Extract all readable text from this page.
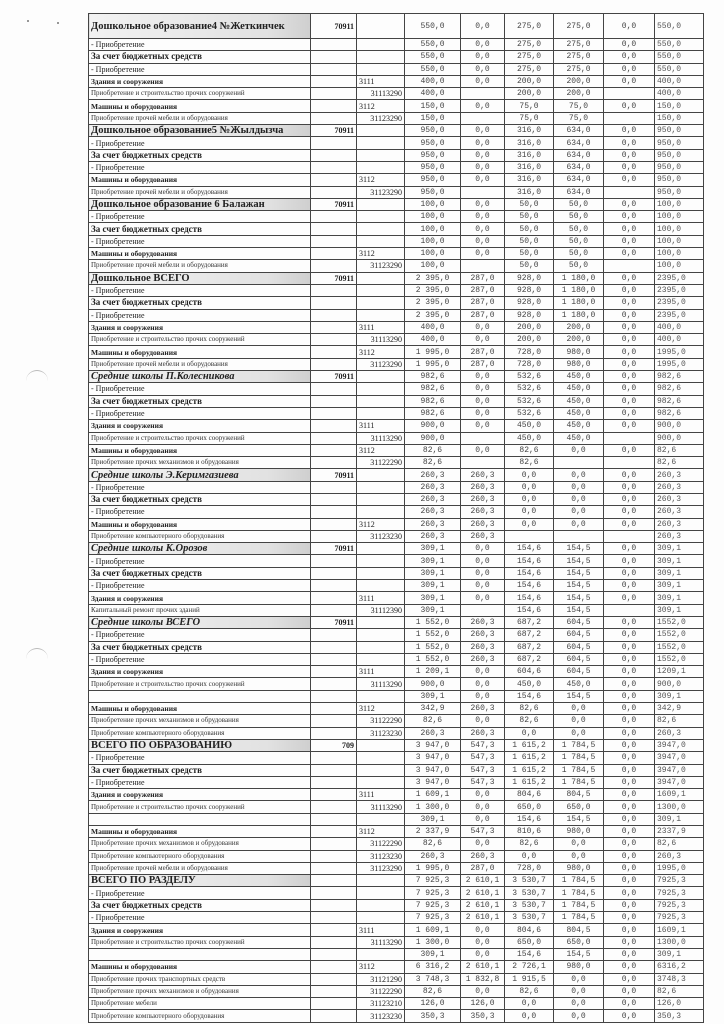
Дошкольное образование4 №Жеткинчек	70911		550,0	0,0	275,0	275,0	0,0	550,0
- Приобретение			550,0	0,0	275,0	275,0	0,0	550,0
За счет бюджетных средств			550,0	0,0	275,0	275,0	0,0	550,0
- Приобретение			550,0	0,0	275,0	275,0	0,0	550,0
Здания и сооружения		3111	400,0	0,0	200,0	200,0	0,0	400,0
Приобретение и строительство прочих сооружений		31113290	400,0		200,0	200,0		400,0
Машины и оборудования		3112	150,0	0,0	75,0	75,0	0,0	150,0
Приобретение прочей мебели и оборудования		31123290	150,0		75,0	75,0		150,0
Дошкольное образование5 №Жылдызча	70911		950,0	0,0	316,0	634,0	0,0	950,0
- Приобретение			950,0	0,0	316,0	634,0	0,0	950,0
За счет бюджетных средств			950,0	0,0	316,0	634,0	0,0	950,0
- Приобретение			950,0	0,0	316,0	634,0	0,0	950,0
Машины и оборудования		3112	950,0	0,0	316,0	634,0	0,0	950,0
Приобретение прочей мебели и оборудования		31123290	950,0		316,0	634,0		950,0
Дошкольное образование 6 Балажан	70911		100,0	0,0	50,0	50,0	0,0	100,0
- Приобретение			100,0	0,0	50,0	50,0	0,0	100,0
За счет бюджетных средств			100,0	0,0	50,0	50,0	0,0	100,0
- Приобретение			100,0	0,0	50,0	50,0	0,0	100,0
Машины и оборудования		3112	100,0	0,0	50,0	50,0	0,0	100,0
Приобретение прочей мебели и оборудования		31123290	100,0		50,0	50,0		100,0
Дошкольное ВСЕГО	70911		2 395,0	287,0	928,0	1 180,0	0,0	2395,0
- Приобретение			2 395,0	287,0	928,0	1 180,0	0,0	2395,0
За счет бюджетных средств			2 395,0	287,0	928,0	1 180,0	0,0	2395,0
- Приобретение			2 395,0	287,0	928,0	1 180,0	0,0	2395,0
Здания и сооружения		3111	400,0	0,0	200,0	200,0	0,0	400,0
Приобретение и строительство прочих сооружений		31113290	400,0	0,0	200,0	200,0	0,0	400,0
Машины и оборудования		3112	1 995,0	287,0	728,0	980,0	0,0	1995,0
Приобретение прочей мебели и оборудования		31123290	1 995,0	287,0	728,0	980,0	0,0	1995,0
Средние школы П.Колесникова	70911		982,6	0,0	532,6	450,0	0,0	982,6
- Приобретение			982,6	0,0	532,6	450,0	0,0	982,6
За счет бюджетных средств			982,6	0,0	532,6	450,0	0,0	982,6
- Приобретение			982,6	0,0	532,6	450,0	0,0	982,6
Здания и сооружения		3111	900,0	0,0	450,0	450,0	0,0	900,0
Приобретение и строительство прочих сооружений		31113290	900,0		450,0	450,0		900,0
Машины и оборудования		3112	82,6	0,0	82,6	0,0	0,0	82,6
Приобретение прочих механизмов и обрудования		31122290	82,6		82,6			82,6
Средние школы Э.Керимгазиева	70911		260,3	260,3	0,0	0,0	0,0	260,3
- Приобретение			260,3	260,3	0,0	0,0	0,0	260,3
За счет бюджетных средств			260,3	260,3	0,0	0,0	0,0	260,3
- Приобретение			260,3	260,3	0,0	0,0	0,0	260,3
Машины и оборудования		3112	260,3	260,3	0,0	0,0	0,0	260,3
Приобретение компьютерного оборудования		31123230	260,3	260,3				260,3
Средние школы К.Орозов	70911		309,1	0,0	154,6	154,5	0,0	309,1
- Приобретение			309,1	0,0	154,6	154,5	0,0	309,1
За счет бюджетных средств			309,1	0,0	154,6	154,5	0,0	309,1
- Приобретение			309,1	0,0	154,6	154,5	0,0	309,1
Здания и сооружения		3111	309,1	0,0	154,6	154,5	0,0	309,1
Капитальный ремонт прочих зданий		31112390	309,1		154,6	154,5		309,1
Средние школы ВСЕГО	70911		1 552,0	260,3	687,2	604,5	0,0	1552,0
- Приобретение			1 552,0	260,3	687,2	604,5	0,0	1552,0
За счет бюджетных средств			1 552,0	260,3	687,2	604,5	0,0	1552,0
- Приобретение			1 552,0	260,3	687,2	604,5	0,0	1552,0
Здания и сооружения		3111	1 209,1	0,0	604,6	604,5	0,0	1209,1
Приобретение и строительство прочих сооружений		31113290	900,0	0,0	450,0	450,0	0,0	900,0
			309,1	0,0	154,6	154,5	0,0	309,1
Машины и оборудования		3112	342,9	260,3	82,6	0,0	0,0	342,9
Приобретение прочих механизмов и обрудования		31122290	82,6	0,0	82,6	0,0	0,0	82,6
Приобретение компьютерного оборудования		31123230	260,3	260,3	0,0	0,0	0,0	260,3
ВСЕГО ПО ОБРАЗОВАНИЮ	709		3 947,0	547,3	1 615,2	1 784,5	0,0	3947,0
- Приобретение			3 947,0	547,3	1 615,2	1 784,5	0,0	3947,0
За счет бюджетных средств			3 947,0	547,3	1 615,2	1 784,5	0,0	3947,0
- Приобретение			3 947,0	547,3	1 615,2	1 784,5	0,0	3947,0
Здания и сооружения		3111	1 609,1	0,0	804,6	804,5	0,0	1609,1
Приобретение и строительство прочих сооружений		31113290	1 300,0	0,0	650,0	650,0	0,0	1300,0
			309,1	0,0	154,6	154,5	0,0	309,1
Машины и оборудования		3112	2 337,9	547,3	810,6	980,0	0,0	2337,9
Приобретение прочих механизмов и обрудования		31122290	82,6	0,0	82,6	0,0	0,0	82,6
Приобретение компьютерного оборудования		31123230	260,3	260,3	0,0	0,0	0,0	260,3
Приобретение прочей мебели и оборудования		31123290	1 995,0	287,0	728,0	980,0	0,0	1995,0
ВСЕГО ПО РАЗДЕЛУ			7 925,3	2 610,1	3 530,7	1 784,5	0,0	7925,3
- Приобретение			7 925,3	2 610,1	3 530,7	1 784,5	0,0	7925,3
За счет бюджетных средств			7 925,3	2 610,1	3 530,7	1 784,5	0,0	7925,3
- Приобретение			7 925,3	2 610,1	3 530,7	1 784,5	0,0	7925,3
Здания и сооружения		3111	1 609,1	0,0	804,6	804,5	0,0	1609,1
Приобретение и строительство прочих сооружений		31113290	1 300,0	0,0	650,0	650,0	0,0	1300,0
			309,1	0,0	154,6	154,5	0,0	309,1
Машины и оборудования		3112	6 316,2	2 610,1	2 726,1	980,0	0,0	6316,2
Приобретение прочих транспортных средств		31121290	3 748,3	1 832,8	1 915,5	0,0	0,0	3748,3
Приобретение прочих механизмов и обрудования		31122290	82,6	0,0	82,6	0,0	0,0	82,6
Приобретение мебели		31123210	126,0	126,0	0,0	0,0	0,0	126,0
Приобретение компьютерного оборудования		31123230	350,3	350,3	0,0	0,0	0,0	350,3
